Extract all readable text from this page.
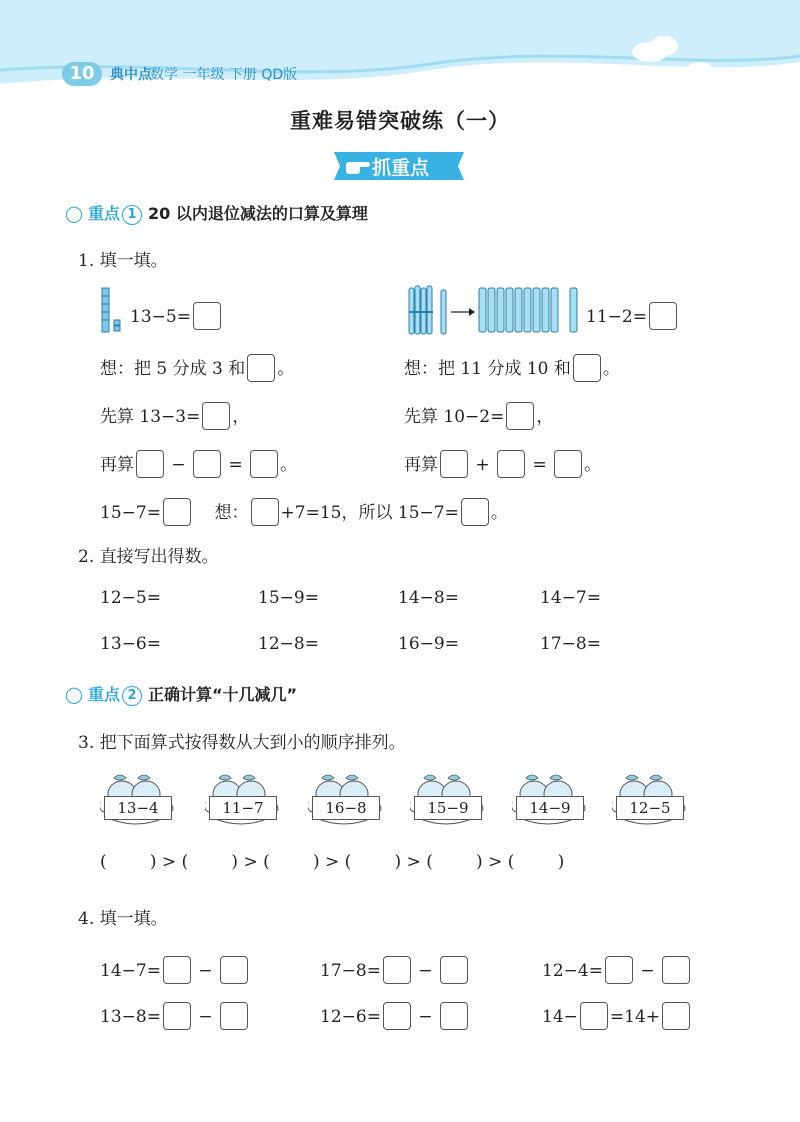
10	典中点
数学 一年级 下册 QD版
重难易错突破练（一）
抓重点
◯ 重点 1 20 以内退位减法的口算及算理
1. 填一填。
13−5=	11−2=
想：把 5 分成 3 和 。	想：把 11 分成 10 和 。
先算 13−3= ，	先算 10−2= ，
再算 −	= 。	再算 +	= 。
15−7=	想： +7=15，所以 15−7= 。
2. 直接写出得数。
12−5=	15−9=	14−8=	14−7=
13−6=	12−8=	16−9=	17−8=
◯ 重点 2 正确计算“十几减几”
3. 把下面算式按得数从大到小的顺序排列。
13−4	11−7	16−8	15−9	14−9	12−5
(        ) > (        ) > (        ) > (        ) > (        ) > (        )
4. 填一填。
14−7= −	17−8= −	12−4= −
13−8= −	12−6= −	14− =14+
